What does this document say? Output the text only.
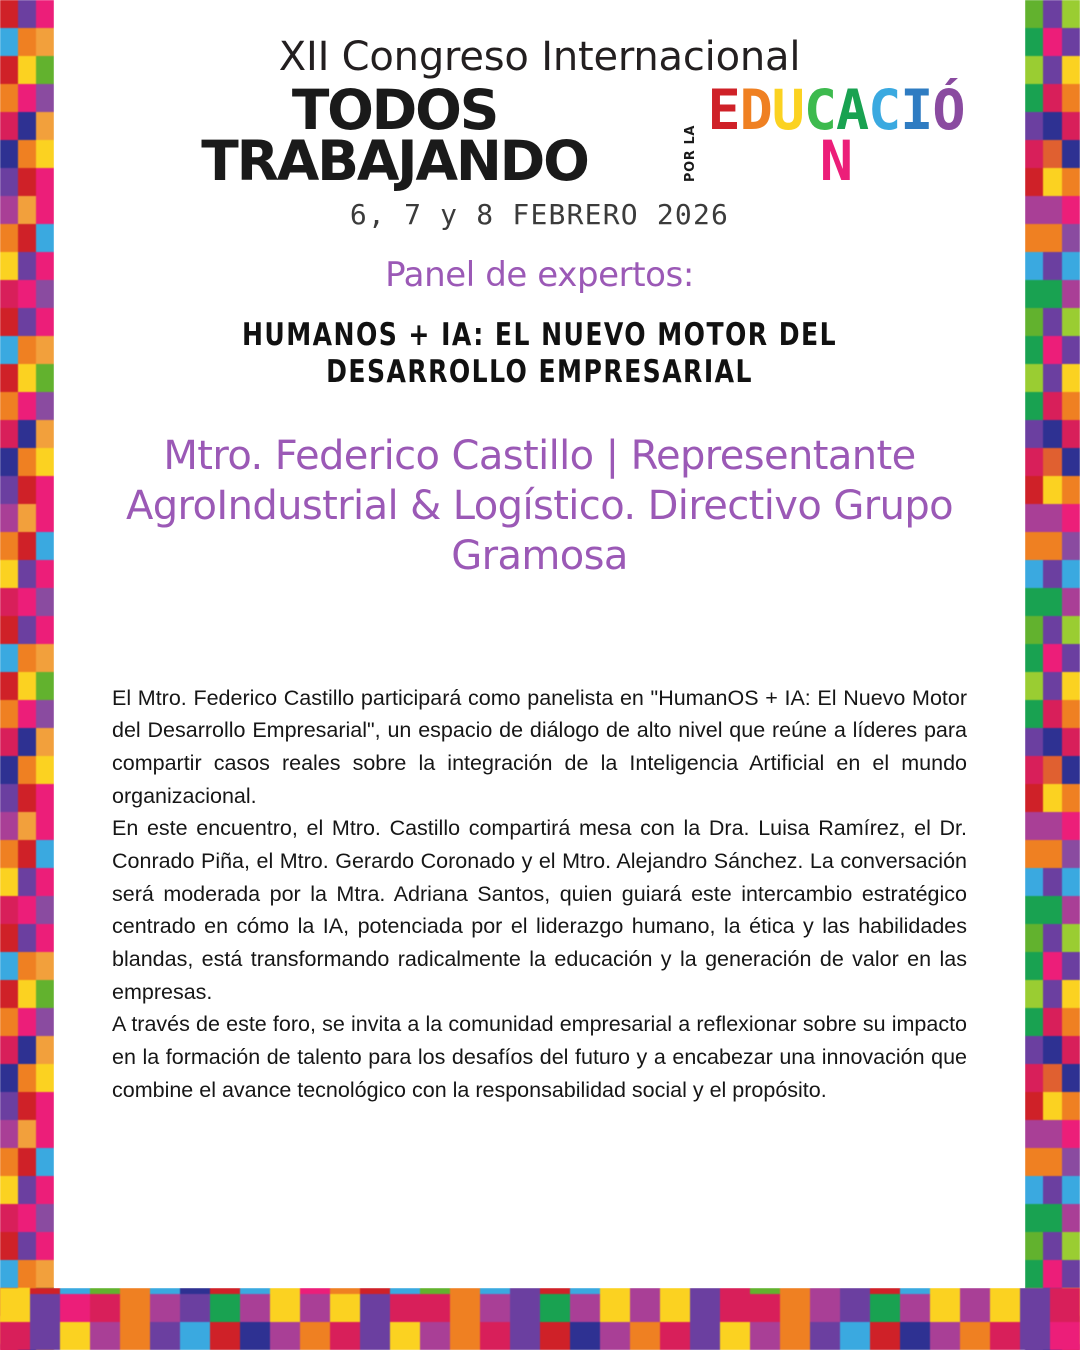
XII Congreso Internacional
TODOS TRABAJANDO	POR LA
EDUCACIÓN
6, 7 y 8 FEBRERO 2026
Panel de expertos:
HUMANOS + IA: EL NUEVO MOTOR DEL DESARROLLO EMPRESARIAL
Mtro. Federico Castillo | Representante AgroIndustrial & Logístico. Directivo Grupo Gramosa

El Mtro. Federico Castillo participará como panelista en "HumanOS + IA: El Nuevo Motor del Desarrollo Empresarial", un espacio de diálogo de alto nivel que reúne a líderes para compartir casos reales sobre la integración de la Inteligencia Artificial en el mundo organizacional.

En este encuentro, el Mtro. Castillo compartirá mesa con la Dra. Luisa Ramírez, el Dr. Conrado Piña, el Mtro. Gerardo Coronado y el Mtro. Alejandro Sánchez. La conversación será moderada por la Mtra. Adriana Santos, quien guiará este intercambio estratégico centrado en cómo la IA, potenciada por el liderazgo humano, la ética y las habilidades blandas, está transformando radicalmente la educación y la generación de valor en las empresas.

A través de este foro, se invita a la comunidad empresarial a reflexionar sobre su impacto en la formación de talento para los desafíos del futuro y a encabezar una innovación que combine el avance tecnológico con la responsabilidad social y el propósito.
